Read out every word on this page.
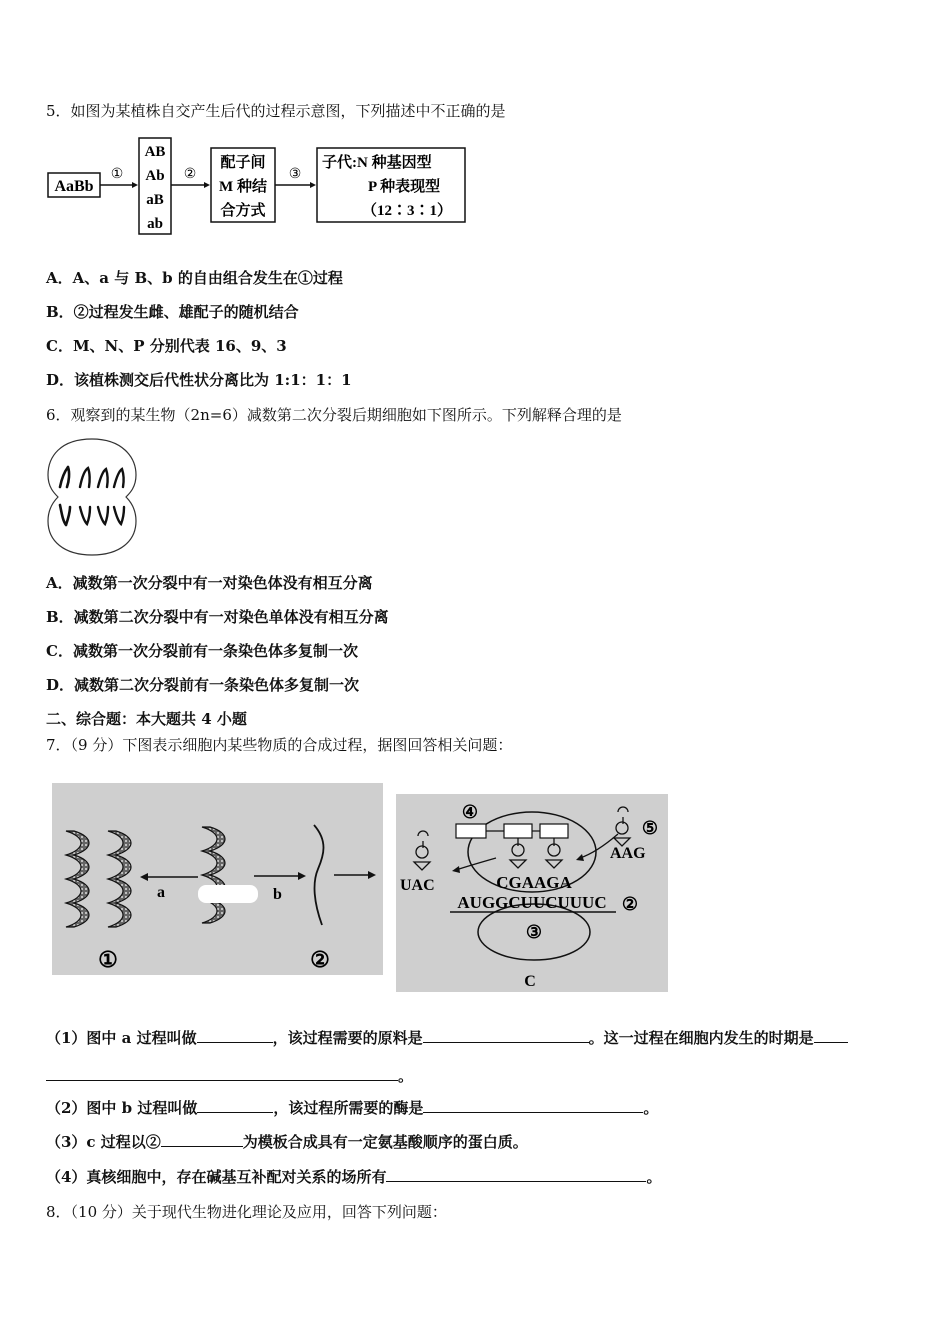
5．如图为某植株自交产生后代的过程示意图，下列描述中不正确的是
AaBb
①
AB
Ab
aB
ab
②
配子间
M 种结
合方式
③
子代:N 种基因型
P 种表现型
（12∶3∶1）
A．A、a 与 B、b 的自由组合发生在①过程
B．②过程发生雌、雄配子的随机结合
C．M、N、P 分别代表 16、9、3
D．该植株测交后代性状分离比为 1:1：1：1
6．观察到的某生物（2n=6）减数第二次分裂后期细胞如下图所示。下列解释合理的是
A．减数第一次分裂中有一对染色体没有相互分离
B．减数第二次分裂中有一对染色单体没有相互分离
C．减数第一次分裂前有一条染色体多复制一次
D．减数第二次分裂前有一条染色体多复制一次
二、综合题：本大题共 4 小题
7．（9 分）下图表示细胞内某些物质的合成过程，据图回答相关问题：
a	b
①	②
④
UAC
⑤
AAG
CGAAGA
AUGGCUUCUUUC ②
③
C
（1）图中 a 过程叫做	，该过程需要的原料是	。这一过程在细胞内发生的时期是
。
（2）图中 b 过程叫做	，该过程所需要的酶是	。
（3）c 过程以②	为模板合成具有一定氨基酸顺序的蛋白质。
（4）真核细胞中，存在碱基互补配对关系的场所有	。
8．（10 分）关于现代生物进化理论及应用，回答下列问题：
